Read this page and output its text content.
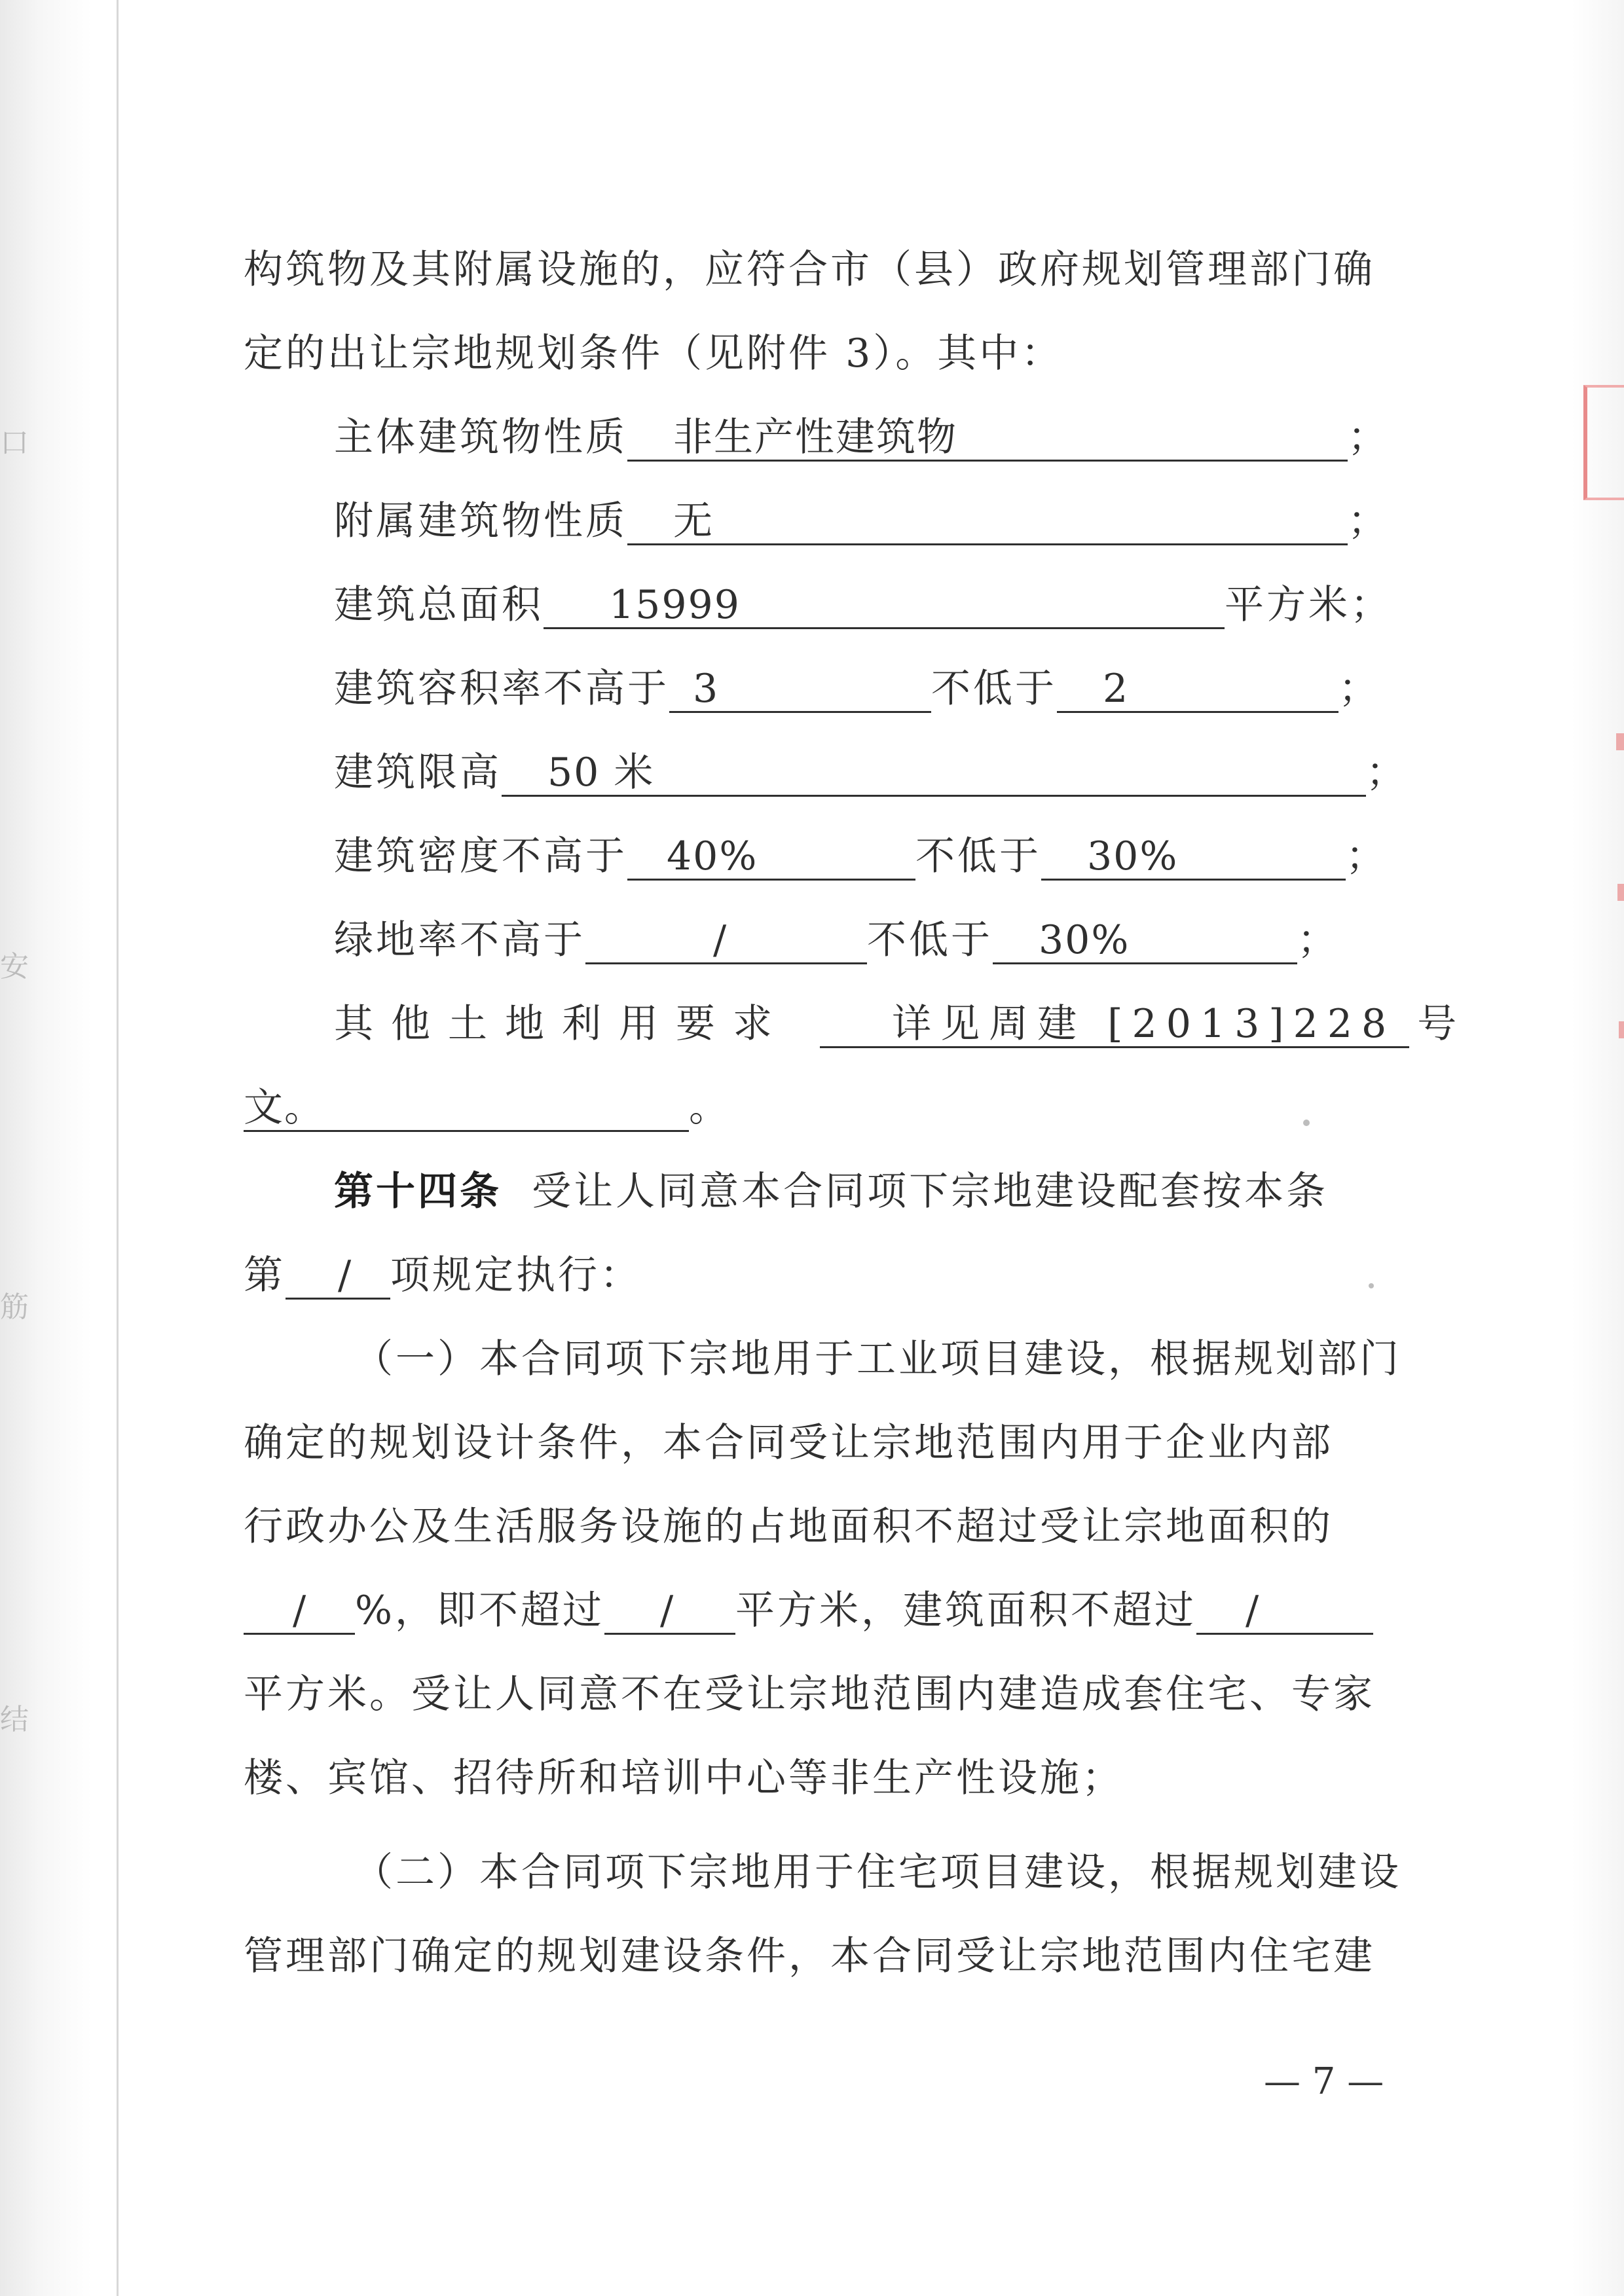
口
安
筋
结
构筑物及其附属设施的，应符合市（县）政府规划管理部门确
定的出让宗地规划条件（见附件 3）。其中：
主体建筑物性质 非生产性建筑物	；
附属建筑物性质 无	；
建筑总面积 15999	平方米；
建筑容积率不高于 3	不低于 2	；
建筑限高 50 米	；
建筑密度不高于 40%	不低于 30%	；
绿地率不高于	/	不低于 30%	；
其他土地利用要求	详见周建 [2013]228 号
文。	。
第十四条 受让人同意本合同项下宗地建设配套按本条
第 / 项规定执行：
（一）本合同项下宗地用于工业项目建设，根据规划部门
确定的规划设计条件，本合同受让宗地范围内用于企业内部
行政办公及生活服务设施的占地面积不超过受让宗地面积的
/ %，即不超过 / 平方米，建筑面积不超过 /
平方米。受让人同意不在受让宗地范围内建造成套住宅、专家
楼、宾馆、招待所和培训中心等非生产性设施；
（二）本合同项下宗地用于住宅项目建设，根据规划建设
管理部门确定的规划建设条件，本合同受让宗地范围内住宅建
— 7 —
